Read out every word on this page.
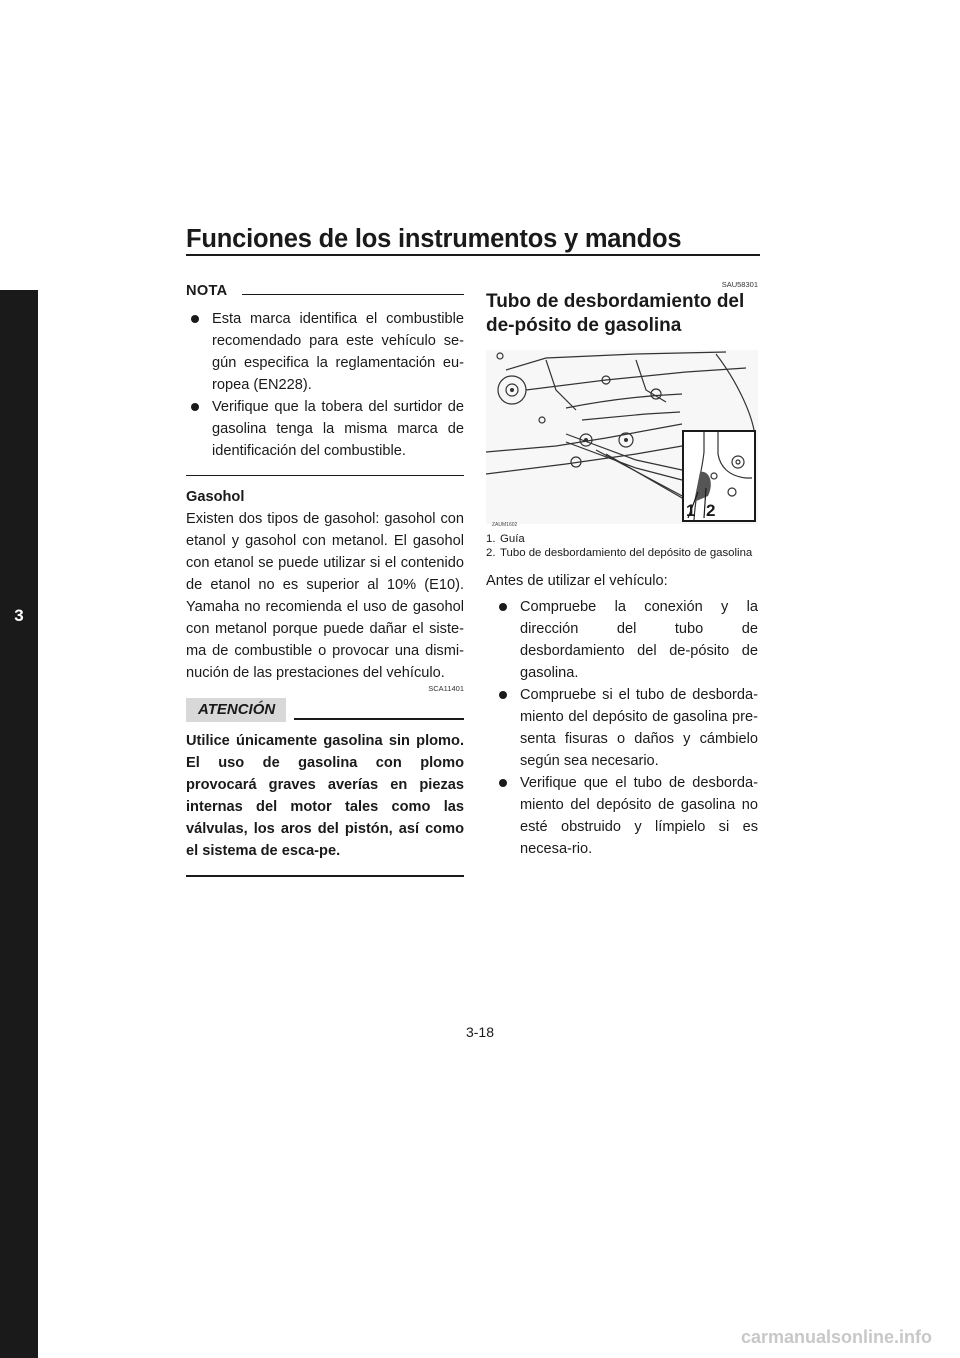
Funciones de los instrumentos y mandos
3
NOTA
Esta marca identifica el combustible recomendado para este vehículo se-gún especifica la reglamentación eu-ropea (EN228).
Verifique que la tobera del surtidor de gasolina tenga la misma marca de identificación del combustible.
Gasohol

Existen dos tipos de gasohol: gasohol con etanol y gasohol con metanol. El gasohol con etanol se puede utilizar si el contenido de etanol no es superior al 10% (E10). Yamaha no recomienda el uso de gasohol con metanol porque puede dañar el siste-ma de combustible o provocar una dismi-nución de las prestaciones del vehículo.

SCA11401
ATENCIÓN

Utilice únicamente gasolina sin plomo. El uso de gasolina con plomo provocará graves averías en piezas internas del motor tales como las válvulas, los aros del pistón, así como el sistema de esca-pe.

SAU58301
Tubo de desbordamiento del de-pósito de gasolina
ZAUM1602
1 2
1. Guía
2. Tubo de desbordamiento del depósito de gasolina

Antes de utilizar el vehículo:

Compruebe la conexión y la dirección del tubo de desbordamiento del de-pósito de gasolina.
Compruebe si el tubo de desborda-miento del depósito de gasolina pre-senta fisuras o daños y cámbielo según sea necesario.
Verifique que el tubo de desborda-miento del depósito de gasolina no esté obstruido y límpielo si es necesa-rio.
3-18
carmanualsonline.info
